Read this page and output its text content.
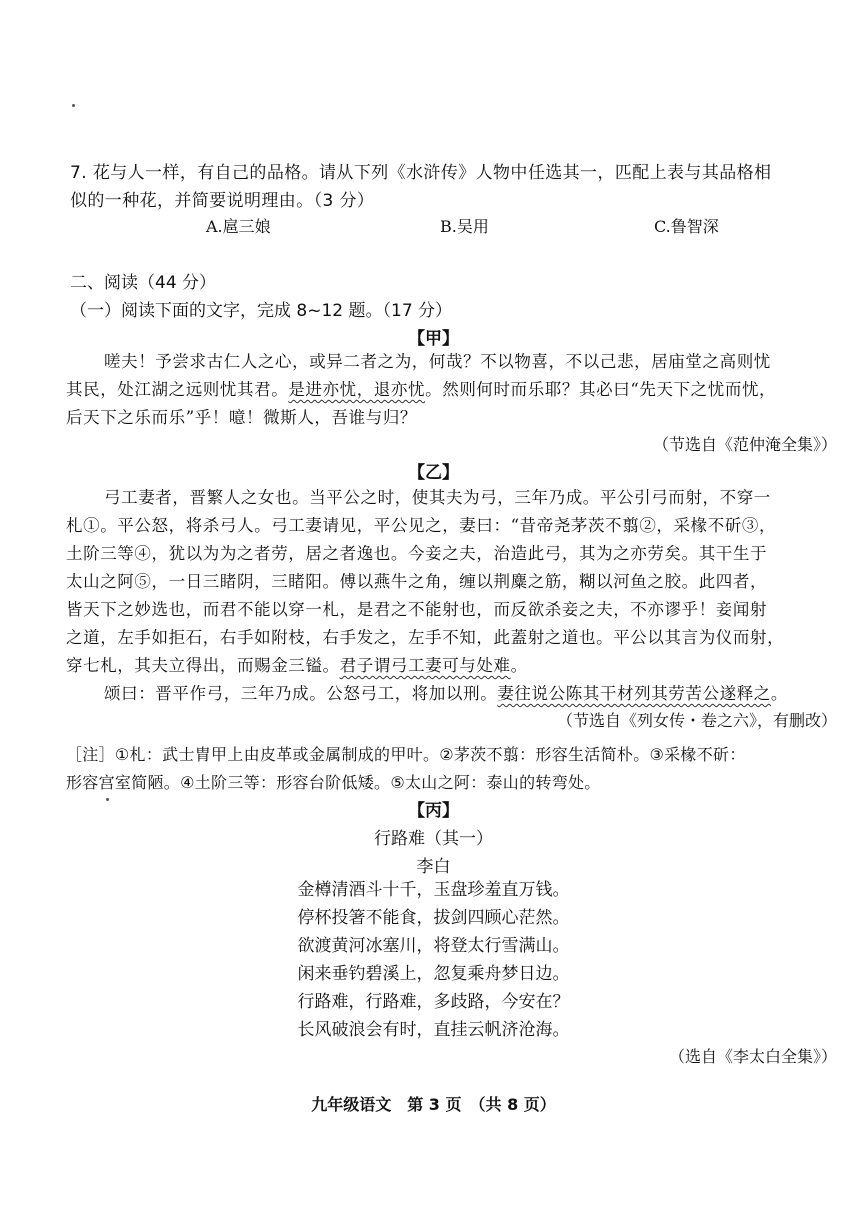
7. 花与人一样，有自己的品格。请从下列《水浒传》人物中任选其一，匹配上表与其品格相
似的一种花，并简要说明理由。（3 分）
A.扈三娘	B.吴用	C.鲁智深
二、阅读（44 分）
（一）阅读下面的文字，完成 8~12 题。（17 分）
【甲】
嗟夫！予尝求古仁人之心，或异二者之为，何哉？不以物喜，不以己悲，居庙堂之高则忧
其民，处江湖之远则忧其君。是进亦忧，退亦忧。然则何时而乐耶？其必曰“先天下之忧而忧，
后天下之乐而乐”乎！噫！微斯人，吾谁与归？
（节选自《范仲淹全集》）
【乙】
弓工妻者，晋繁人之女也。当平公之时，使其夫为弓，三年乃成。平公引弓而射，不穿一
札①。平公怒，将杀弓人。弓工妻请见，平公见之，妻曰：“昔帝尧茅茨不翦②，采椽不斫③，
土阶三等④，犹以为为之者劳，居之者逸也。今妾之夫，治造此弓，其为之亦劳矣。其干生于
太山之阿⑤，一日三睹阴，三睹阳。傅以燕牛之角，缠以荆麋之筋，糊以河鱼之胶。此四者，
皆天下之妙选也，而君不能以穿一札，是君之不能射也，而反欲杀妾之夫，不亦谬乎！妾闻射
之道，左手如拒石，右手如附枝，右手发之，左手不知，此蓋射之道也。平公以其言为仪而射，
穿七札，其夫立得出，而赐金三镒。君子谓弓工妻可与处难。
颂曰：晋平作弓，三年乃成。公怒弓工，将加以刑。妻往说公陈其干材列其劳苦公遂释之。
（节选自《列女传・卷之六》，有删改）
［注］①札：武士胄甲上由皮革或金属制成的甲叶。②茅茨不翦：形容生活简朴。③采椽不斫：
形容宫室简陋。④土阶三等：形容台阶低矮。⑤太山之阿：泰山的转弯处。
【丙】
行路难（其一）
李白
金樽清酒斗十千，玉盘珍羞直万钱。
停杯投箸不能食，拔剑四顾心茫然。
欲渡黄河冰塞川，将登太行雪满山。
闲来垂钓碧溪上，忽复乘舟梦日边。
行路难，行路难，多歧路，今安在？
长风破浪会有时，直挂云帆济沧海。
（选自《李太白全集》）
九年级语文　第 3 页　（共 8 页）
